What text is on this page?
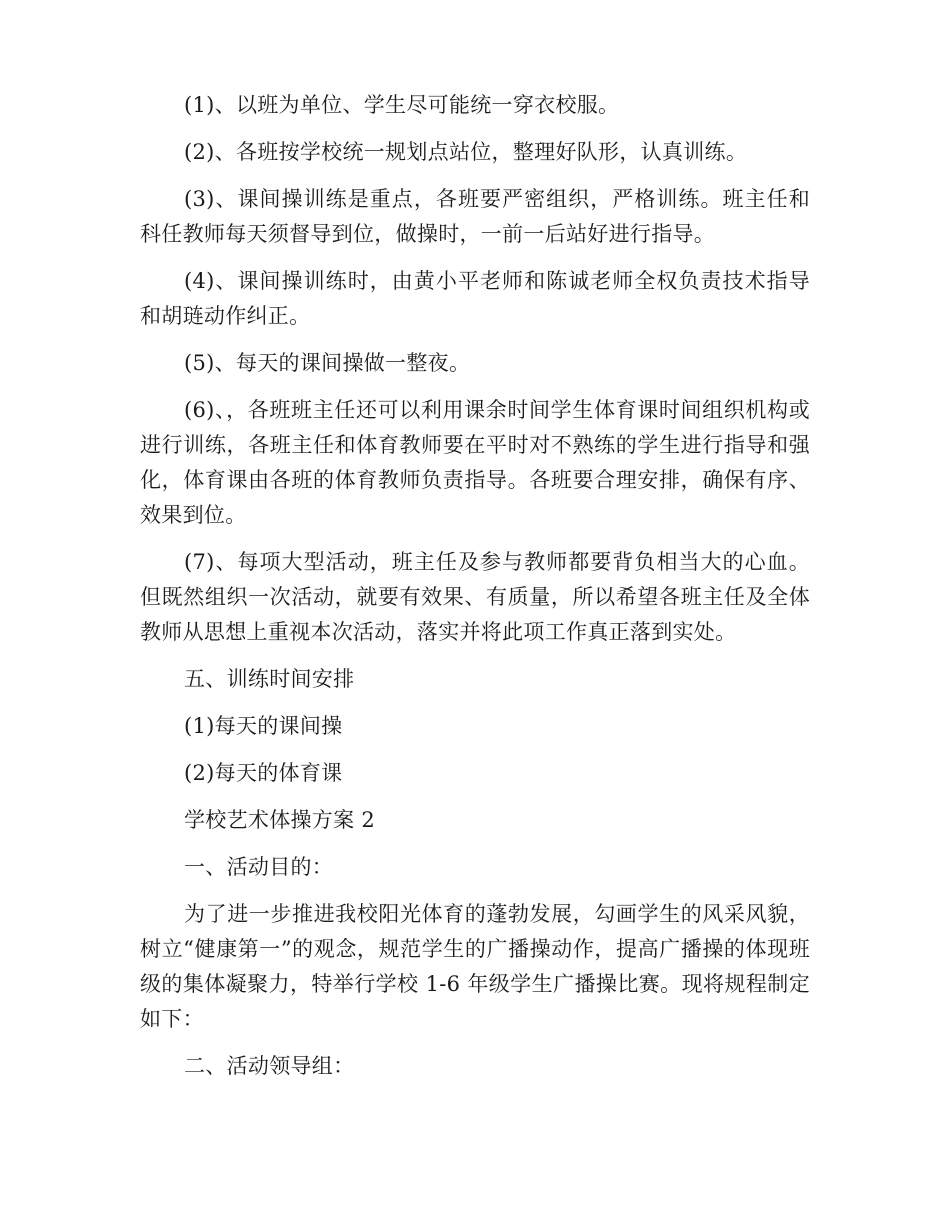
(1)、以班为单位、学生尽可能统一穿衣校服。

(2)、各班按学校统一规划点站位，整理好队形，认真训练。

(3)、课间操训练是重点，各班要严密组织，严格训练。班主任和科任教师每天须督导到位，做操时，一前一后站好进行指导。

(4)、课间操训练时，由黄小平老师和陈诚老师全权负责技术指导和胡琏动作纠正。

(5)、每天的课间操做一整夜。

(6)、，各班班主任还可以利用课余时间学生体育课时间组织机构或进行训练，各班主任和体育教师要在平时对不熟练的学生进行指导和强化，体育课由各班的体育教师负责指导。各班要合理安排，确保有序、效果到位。

(7)、每项大型活动，班主任及参与教师都要背负相当大的心血。但既然组织一次活动，就要有效果、有质量，所以希望各班主任及全体教师从思想上重视本次活动，落实并将此项工作真正落到实处。

五、训练时间安排

(1)每天的课间操

(2)每天的体育课

学校艺术体操方案 2

一、活动目的：

为了进一步推进我校阳光体育的蓬勃发展，勾画学生的风采风貌，树立“健康第一”的观念，规范学生的广播操动作，提高广播操的体现班级的集体凝聚力，特举行学校 1-6 年级学生广播操比赛。现将规程制定如下：

二、活动领导组：
